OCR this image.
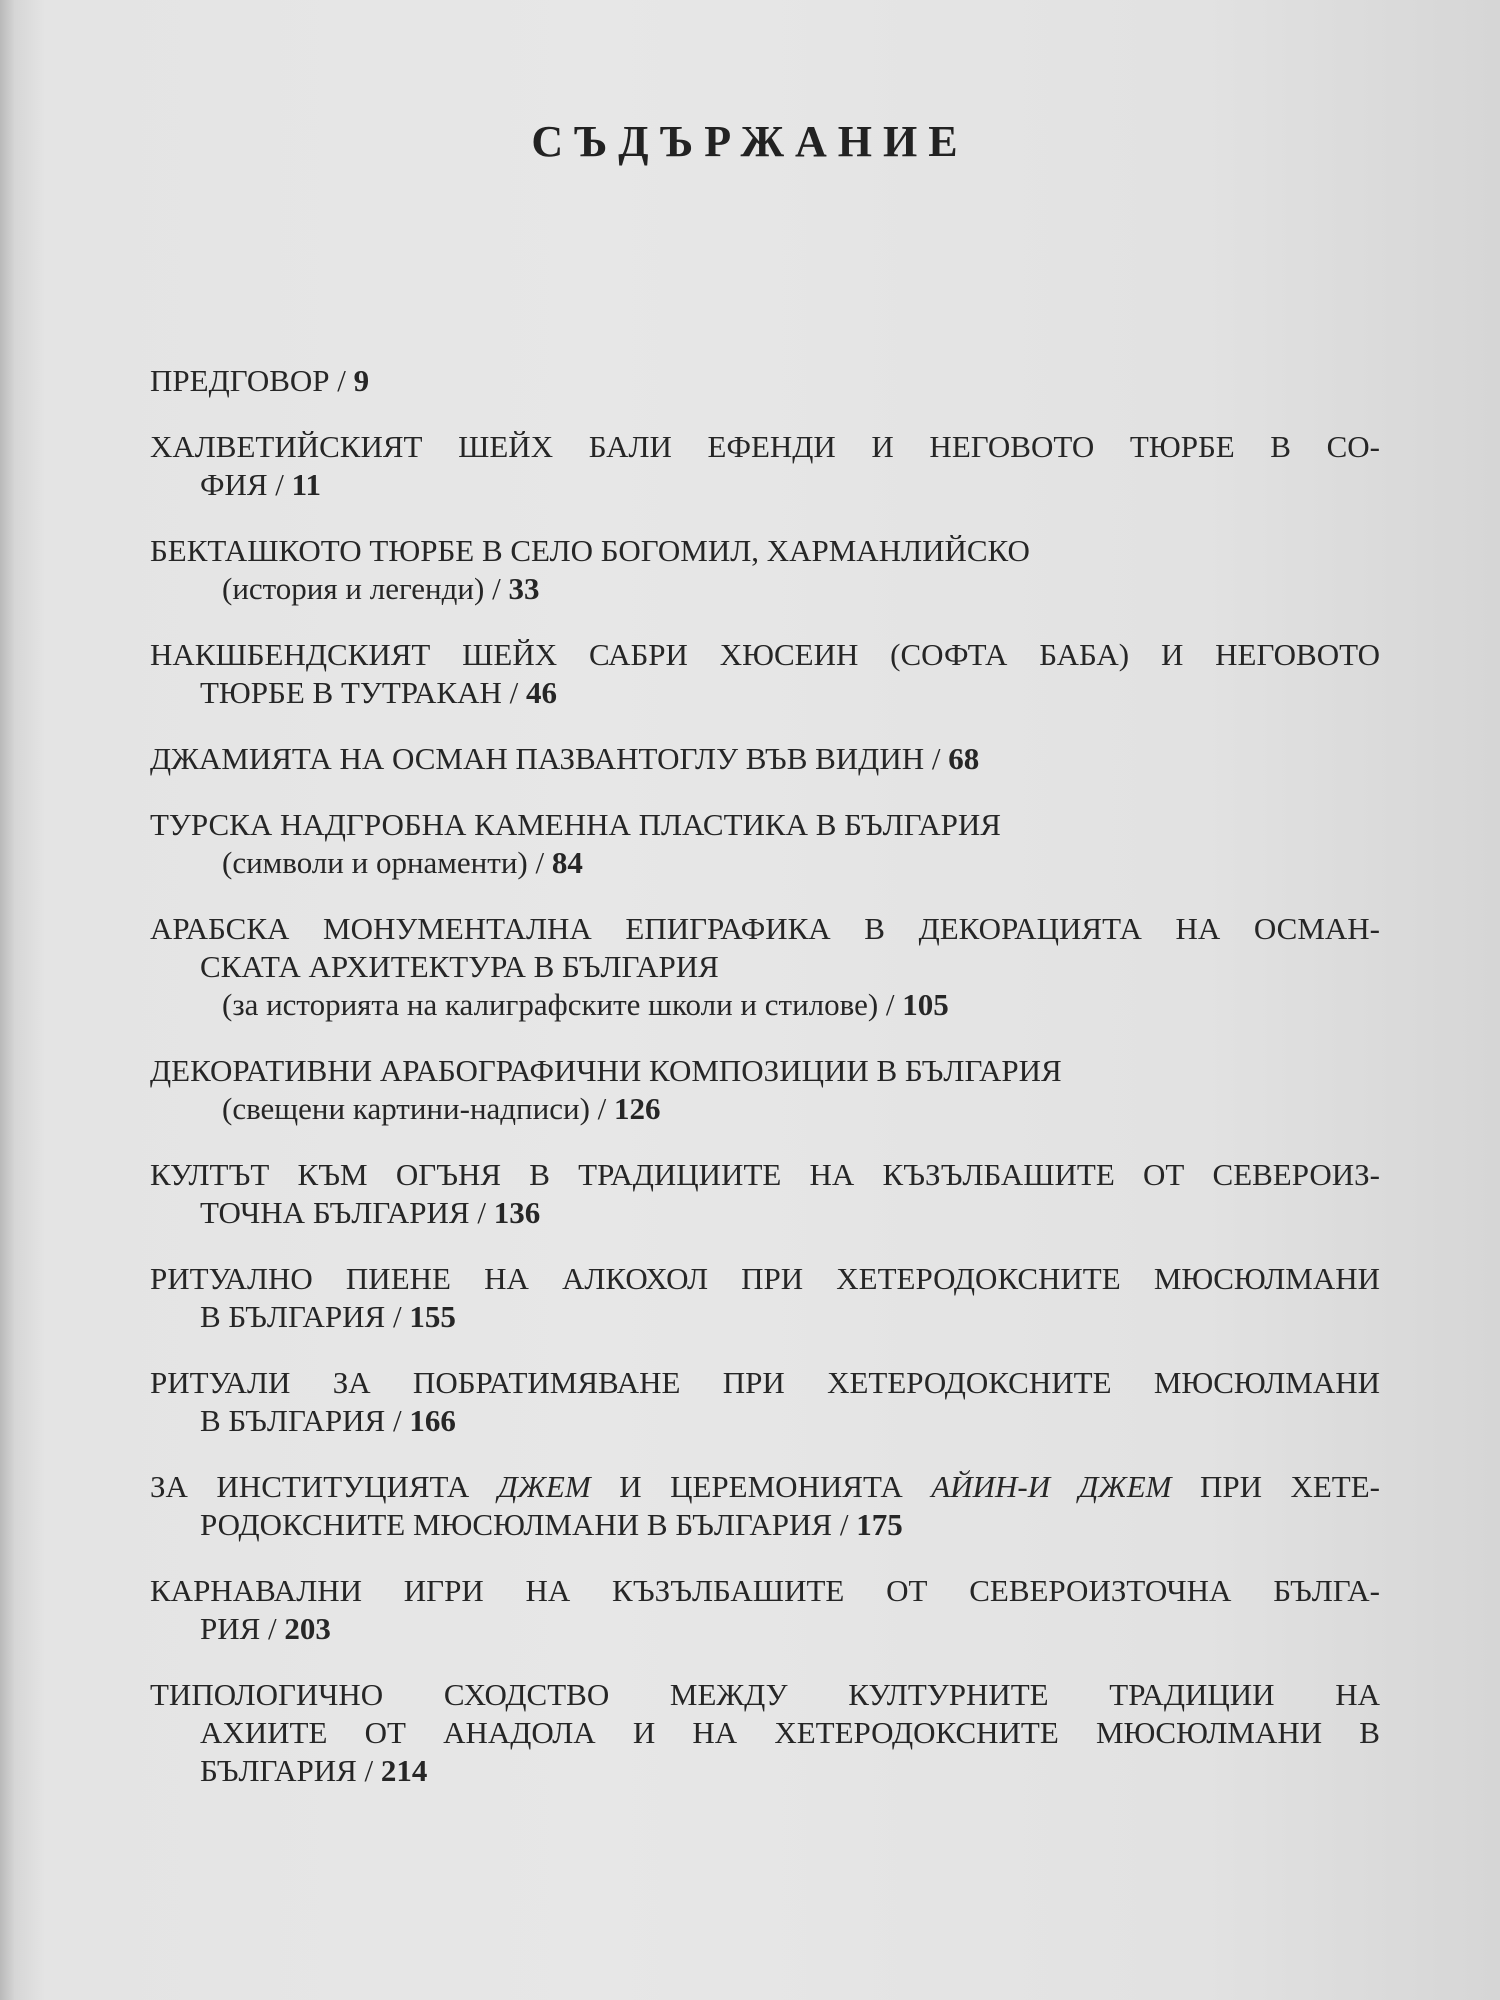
СЪДЪРЖАНИЕ
ПРЕДГОВОР / 9
ХАЛВЕТИЙСКИЯТ ШЕЙХ БАЛИ ЕФЕНДИ И НЕГОВОТО ТЮРБЕ В СО-
ФИЯ / 11
БЕКТАШКОТО ТЮРБЕ В СЕЛО БОГОМИЛ, ХАРМАНЛИЙСКО
(история и легенди) / 33
НАКШБЕНДСКИЯТ ШЕЙХ САБРИ ХЮСЕИН (СОФТА БАБА) И НЕГОВОТО
ТЮРБЕ В ТУТРАКАН / 46
ДЖАМИЯТА НА ОСМАН ПАЗВАНТОГЛУ ВЪВ ВИДИН / 68
ТУРСКА НАДГРОБНА КАМЕННА ПЛАСТИКА В БЪЛГАРИЯ
(символи и орнаменти) / 84
АРАБСКА МОНУМЕНТАЛНА ЕПИГРАФИКА В ДЕКОРАЦИЯТА НА ОСМАН-
СКАТА АРХИТЕКТУРА В БЪЛГАРИЯ
(за историята на калиграфските школи и стилове) / 105
ДЕКОРАТИВНИ АРАБОГРАФИЧНИ КОМПОЗИЦИИ В БЪЛГАРИЯ
(свещени картини-надписи) / 126
КУЛТЪТ КЪМ ОГЪНЯ В ТРАДИЦИИТЕ НА КЪЗЪЛБАШИТЕ ОТ СЕВЕРОИЗ-
ТОЧНА БЪЛГАРИЯ / 136
РИТУАЛНО ПИЕНЕ НА АЛКОХОЛ ПРИ ХЕТЕРОДОКСНИТЕ МЮСЮЛМАНИ
В БЪЛГАРИЯ / 155
РИТУАЛИ ЗА ПОБРАТИМЯВАНЕ ПРИ ХЕТЕРОДОКСНИТЕ МЮСЮЛМАНИ
В БЪЛГАРИЯ / 166
ЗА ИНСТИТУЦИЯТА ДЖЕМ И ЦЕРЕМОНИЯТА АЙИН-И ДЖЕМ ПРИ ХЕТЕ-
РОДОКСНИТЕ МЮСЮЛМАНИ В БЪЛГАРИЯ / 175
КАРНАВАЛНИ ИГРИ НА КЪЗЪЛБАШИТЕ ОТ СЕВЕРОИЗТОЧНА БЪЛГА-
РИЯ / 203
ТИПОЛОГИЧНО СХОДСТВО МЕЖДУ КУЛТУРНИТЕ ТРАДИЦИИ НА
АХИИТЕ ОТ АНАДОЛА И НА ХЕТЕРОДОКСНИТЕ МЮСЮЛМАНИ В
БЪЛГАРИЯ / 214
